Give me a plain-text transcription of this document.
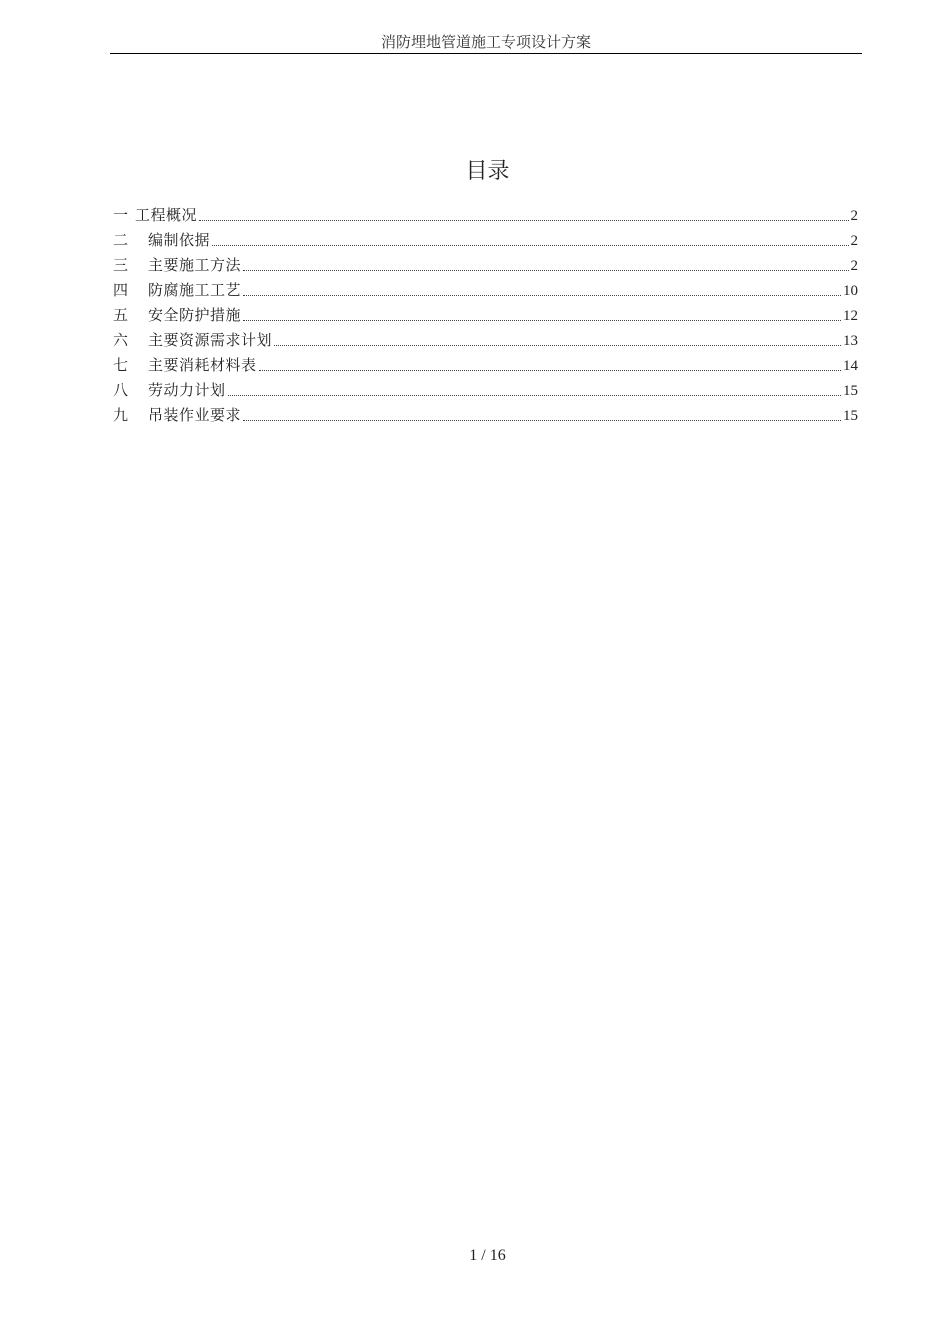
消防埋地管道施工专项设计方案
目录
一 工程概况	2
二	编制依据	2
三	主要施工方法	2
四	防腐施工工艺	10
五	安全防护措施	12
六	主要资源需求计划	13
七	主要消耗材料表	14
八	劳动力计划	15
九	吊装作业要求	15
1 / 16
